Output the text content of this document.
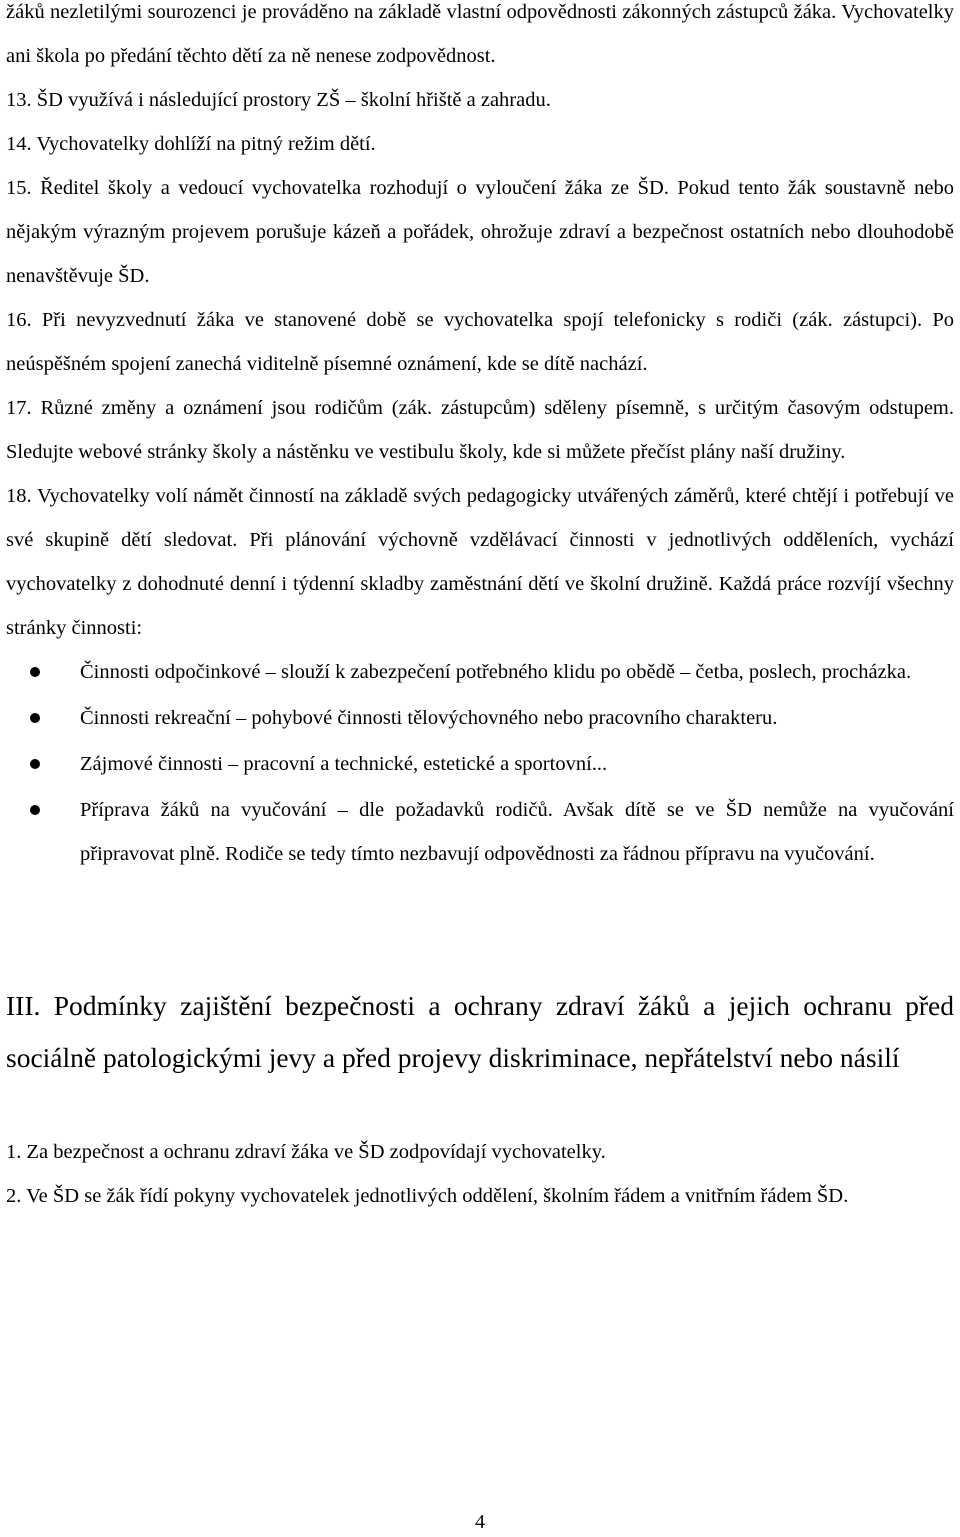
žáků nezletilými sourozenci je prováděno na základě vlastní odpovědnosti zákonných zástupců žáka. Vychovatelky ani škola po předání těchto dětí za ně nenese zodpovědnost.

13. ŠD využívá i následující prostory ZŠ – školní hřiště a zahradu.

14. Vychovatelky dohlíží na pitný režim dětí.

15. Ředitel školy a vedoucí vychovatelka rozhodují o vyloučení žáka ze ŠD. Pokud tento žák soustavně nebo nějakým výrazným projevem porušuje kázeň a pořádek, ohrožuje zdraví a bezpečnost ostatních nebo dlouhodobě nenavštěvuje ŠD.

16. Při nevyzvednutí žáka ve stanovené době se vychovatelka spojí telefonicky s rodiči (zák. zástupci). Po neúspěšném spojení zanechá viditelně písemné oznámení, kde se dítě nachází.

17. Různé změny a oznámení jsou rodičům (zák. zástupcům) sděleny písemně, s určitým časovým odstupem. Sledujte webové stránky školy a nástěnku ve vestibulu školy, kde si můžete přečíst plány naší družiny.

18. Vychovatelky volí námět činností na základě svých pedagogicky utvářených záměrů, které chtějí i potřebují ve své skupině dětí sledovat. Při plánování výchovně vzdělávací činnosti v jednotlivých odděleních, vychází vychovatelky z dohodnuté denní i týdenní skladby zaměstnání dětí ve školní družině. Každá práce rozvíjí všechny stránky činnosti:

Činnosti odpočinkové – slouží k zabezpečení potřebného klidu po obědě – četba, poslech, procházka.
Činnosti rekreační – pohybové činnosti tělovýchovného nebo pracovního charakteru.
Zájmové činnosti – pracovní a technické, estetické a sportovní...
Příprava žáků na vyučování – dle požadavků rodičů. Avšak dítě se ve ŠD nemůže na vyučování připravovat plně. Rodiče se tedy tímto nezbavují odpovědnosti za řádnou přípravu na vyučování.

III. Podmínky zajištění bezpečnosti a ochrany zdraví žáků a jejich ochranu před sociálně patologickými jevy a před projevy diskriminace, nepřátelství nebo násilí

1. Za bezpečnost a ochranu zdraví žáka ve ŠD zodpovídají vychovatelky.

2. Ve ŠD se žák řídí pokyny vychovatelek jednotlivých oddělení, školním řádem a vnitřním řádem ŠD.

4
